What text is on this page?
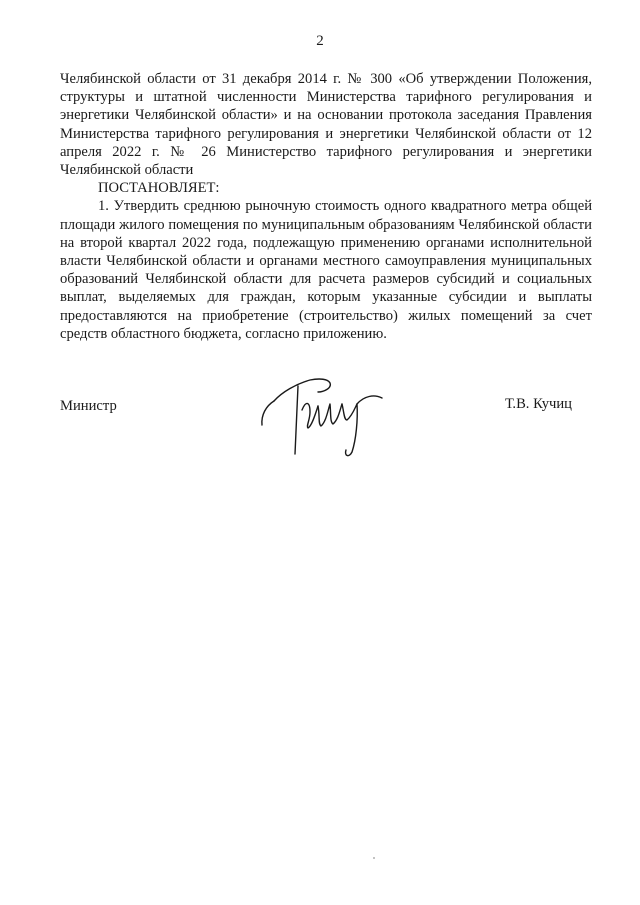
2

Челябинской области от 31 декабря 2014 г. № 300 «Об утверждении Положения, структуры и штатной численности Министерства тарифного регулирования и энергетики Челябинской области» и на основании протокола заседания Правления Министерства тарифного регулирования и энергетики Челябинской области от 12 апреля 2022 г. № 26 Министерство тарифного регулирования и энергетики Челябинской области

ПОСТАНОВЛЯЕТ:

1. Утвердить среднюю рыночную стоимость одного квадратного метра общей площади жилого помещения по муниципальным образованиям Челябинской области на второй квартал 2022 года, подлежащую применению органами исполнительной власти Челябинской области и органами местного самоуправления муниципальных образований Челябинской области для расчета размеров субсидий и социальных выплат, выделяемых для граждан, которым указанные субсидии и выплаты предоставляются на приобретение (строительство) жилых помещений за счет средств областного бюджета, согласно приложению.

Министр	Т.В. Кучиц
